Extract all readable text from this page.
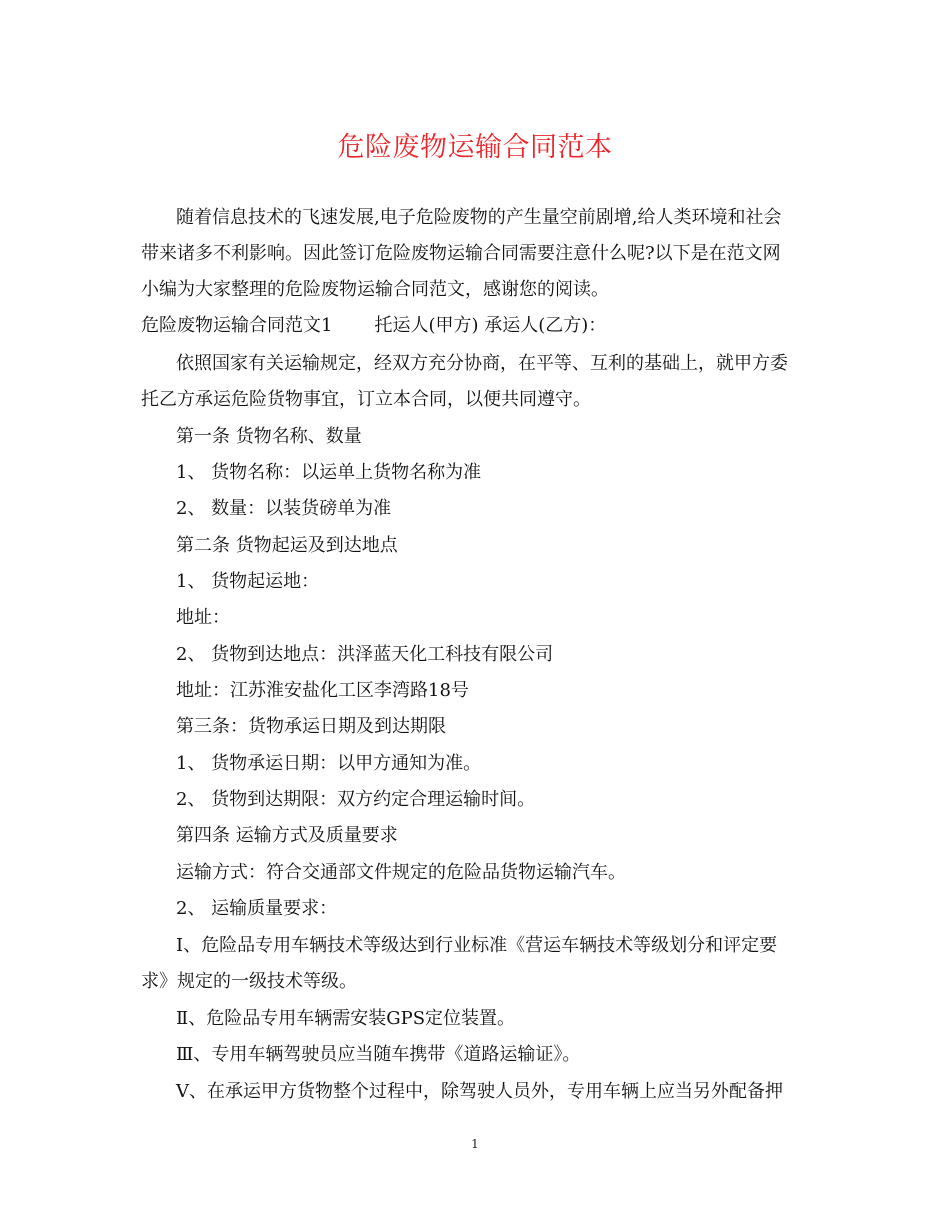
危险废物运输合同范本
随着信息技术的飞速发展,电子危险废物的产生量空前剧增,给人类环境和社会
带来诸多不利影响。因此签订危险废物运输合同需要注意什么呢?以下是在范文网
小编为大家整理的危险废物运输合同范文，感谢您的阅读。
危险废物运输合同范文1 托运人(甲方) 承运人(乙方)：
依照国家有关运输规定，经双方充分协商，在平等、互利的基础上，就甲方委
托乙方承运危险货物事宜，订立本合同，以便共同遵守。
第一条 货物名称、数量
1、 货物名称：以运单上货物名称为准
2、 数量：以装货磅单为准
第二条 货物起运及到达地点
1、 货物起运地：
地址：
2、 货物到达地点：洪泽蓝天化工科技有限公司
地址：江苏淮安盐化工区李湾路18号
第三条：货物承运日期及到达期限
1、 货物承运日期：以甲方通知为准。
2、 货物到达期限：双方约定合理运输时间。
第四条 运输方式及质量要求
运输方式：符合交通部文件规定的危险品货物运输汽车。
2、 运输质量要求：
I、危险品专用车辆技术等级达到行业标准《营运车辆技术等级划分和评定要
求》规定的一级技术等级。
Ⅱ、危险品专用车辆需安装GPS定位装置。
Ⅲ、专用车辆驾驶员应当随车携带《道路运输证》。
V、在承运甲方货物整个过程中，除驾驶人员外，专用车辆上应当另外配备押
1
